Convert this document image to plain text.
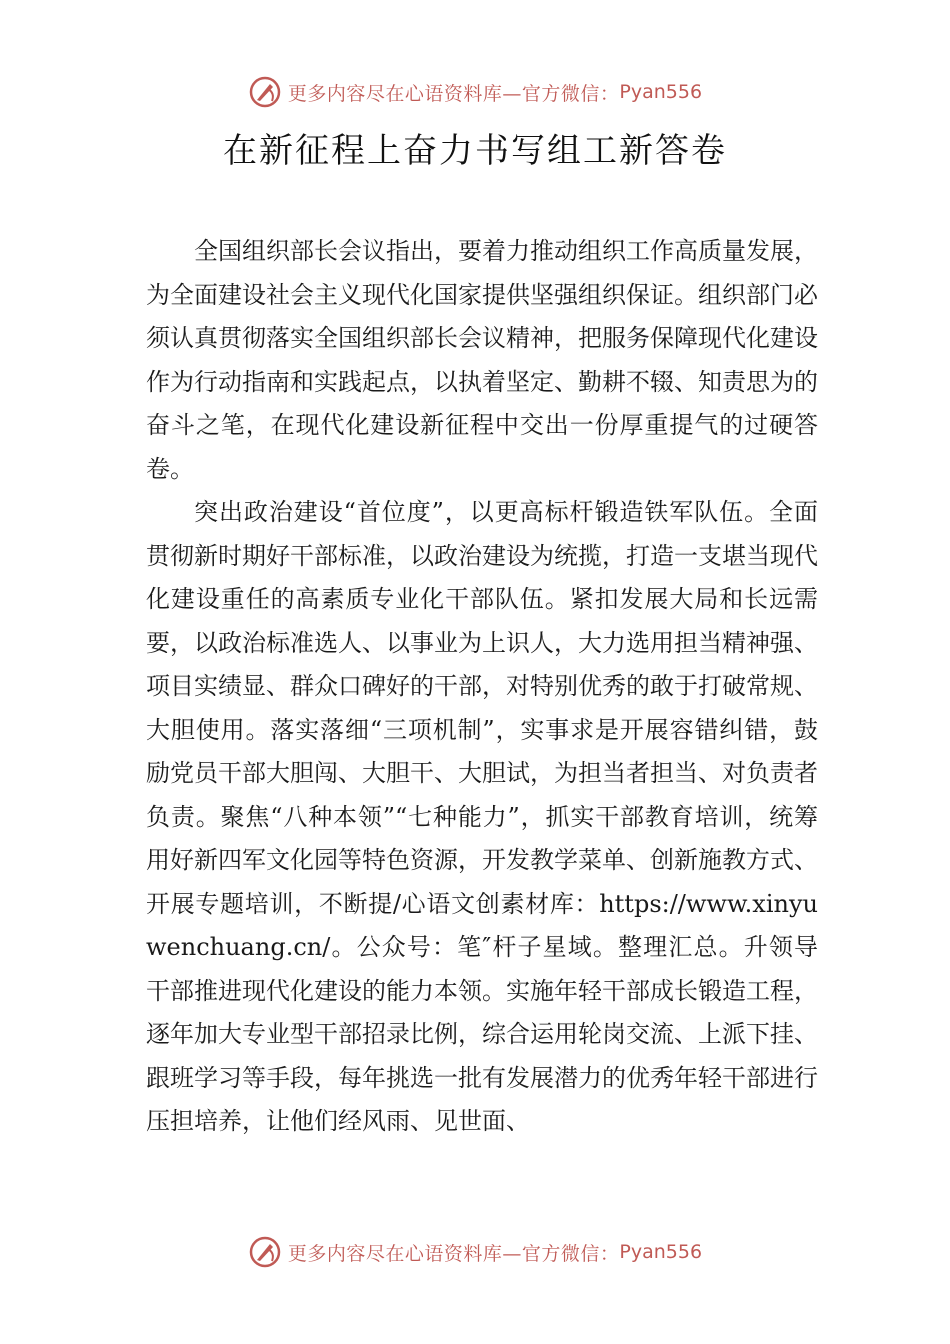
更多内容尽在心语资料库—官方微信： Pyan556
在新征程上奋力书写组工新答卷

全国组织部长会议指出，要着力推动组织工作高质量发展，为全面建设社会主义现代化国家提供坚强组织保证。组织部门必须认真贯彻落实全国组织部长会议精神，把服务保障现代化建设作为行动指南和实践起点，以执着坚定、勤耕不辍、知责思为的奋斗之笔，在现代化建设新征程中交出一份厚重提气的过硬答卷。

突出政治建设“首位度”，以更高标杆锻造铁军队伍。全面贯彻新时期好干部标准，以政治建设为统揽，打造一支堪当现代化建设重任的高素质专业化干部队伍。紧扣发展大局和长远需要，以政治标准选人、以事业为上识人，大力选用担当精神强、项目实绩显、群众口碑好的干部，对特别优秀的敢于打破常规、大胆使用。落实落细“三项机制”，实事求是开展容错纠错，鼓励党员干部大胆闯、大胆干、大胆试，为担当者担当、对负责者负责。聚焦“八种本领”“七种能力”，抓实干部教育培训，统筹用好新四军文化园等特色资源，开发教学菜单、创新施教方式、开展专题培训，不断提/心语文创素材库：https://www.xinyuwenchuang.cn/。公众号：笔″杆子星域。整理汇总。升领导干部推进现代化建设的能力本领。实施年轻干部成长锻造工程，逐年加大专业型干部招录比例，综合运用轮岗交流、上派下挂、跟班学习等手段，每年挑选一批有发展潜力的优秀年轻干部进行压担培养，让他们经风雨、见世面、

更多内容尽在心语资料库—官方微信： Pyan556
